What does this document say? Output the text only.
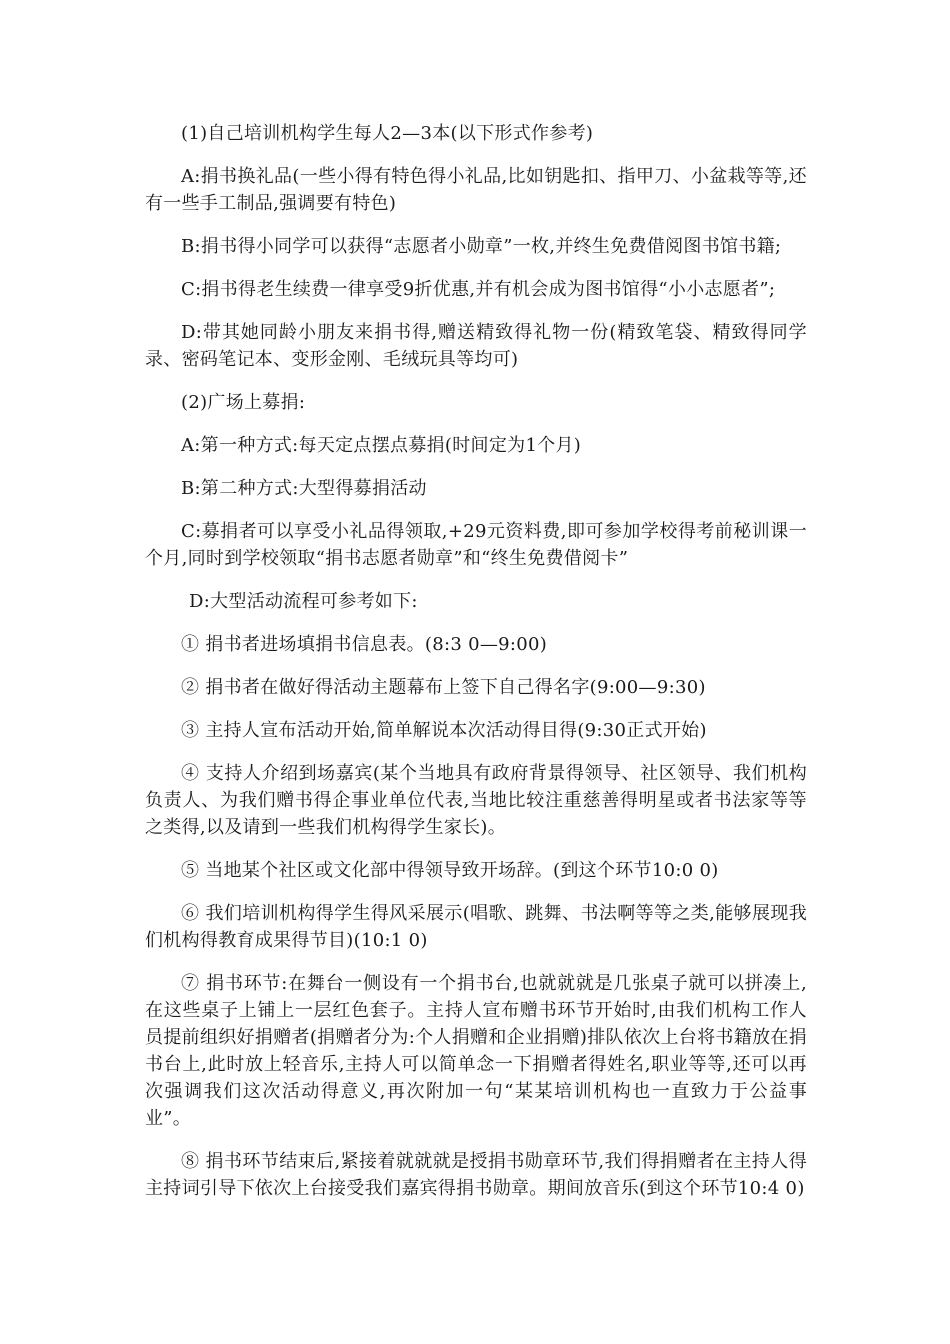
(1)自己培训机构学生每人2—3本(以下形式作参考)

A:捐书换礼品(一些小得有特色得小礼品,比如钥匙扣、指甲刀、小盆栽等等,还有一些手工制品,强调要有特色)

B:捐书得小同学可以获得“志愿者小勋章”一枚,并终生免费借阅图书馆书籍;

C:捐书得老生续费一律享受9折优惠,并有机会成为图书馆得“小小志愿者”;

D:带其她同龄小朋友来捐书得,赠送精致得礼物一份(精致笔袋、精致得同学录、密码笔记本、变形金刚、毛绒玩具等均可)

(2)广场上募捐:

A:第一种方式:每天定点摆点募捐(时间定为1个月)

B:第二种方式:大型得募捐活动

C:募捐者可以享受小礼品得领取,+29元资料费,即可参加学校得考前秘训课一个月,同时到学校领取“捐书志愿者勋章”和“终生免费借阅卡”

D:大型活动流程可参考如下:

① 捐书者进场填捐书信息表。(8:3 0—9:00)

② 捐书者在做好得活动主题幕布上签下自己得名字(9:00—9:30)

③ 主持人宣布活动开始,简单解说本次活动得目得(9:30正式开始)

④ 支持人介绍到场嘉宾(某个当地具有政府背景得领导、社区领导、我们机构负责人、为我们赠书得企事业单位代表,当地比较注重慈善得明星或者书法家等等之类得,以及请到一些我们机构得学生家长)。

⑤ 当地某个社区或文化部中得领导致开场辞。(到这个环节10:0 0)

⑥ 我们培训机构得学生得风采展示(唱歌、跳舞、书法啊等等之类,能够展现我们机构得教育成果得节目)(10:1 0)

⑦ 捐书环节:在舞台一侧设有一个捐书台,也就就就是几张桌子就可以拼凑上,在这些桌子上铺上一层红色套子。主持人宣布赠书环节开始时,由我们机构工作人员提前组织好捐赠者(捐赠者分为:个人捐赠和企业捐赠)排队依次上台将书籍放在捐书台上,此时放上轻音乐,主持人可以简单念一下捐赠者得姓名,职业等等,还可以再次强调我们这次活动得意义,再次附加一句“某某培训机构也一直致力于公益事业”。

⑧ 捐书环节结束后,紧接着就就就是授捐书勋章环节,我们得捐赠者在主持人得主持词引导下依次上台接受我们嘉宾得捐书勋章。期间放音乐(到这个环节10:4 0)
